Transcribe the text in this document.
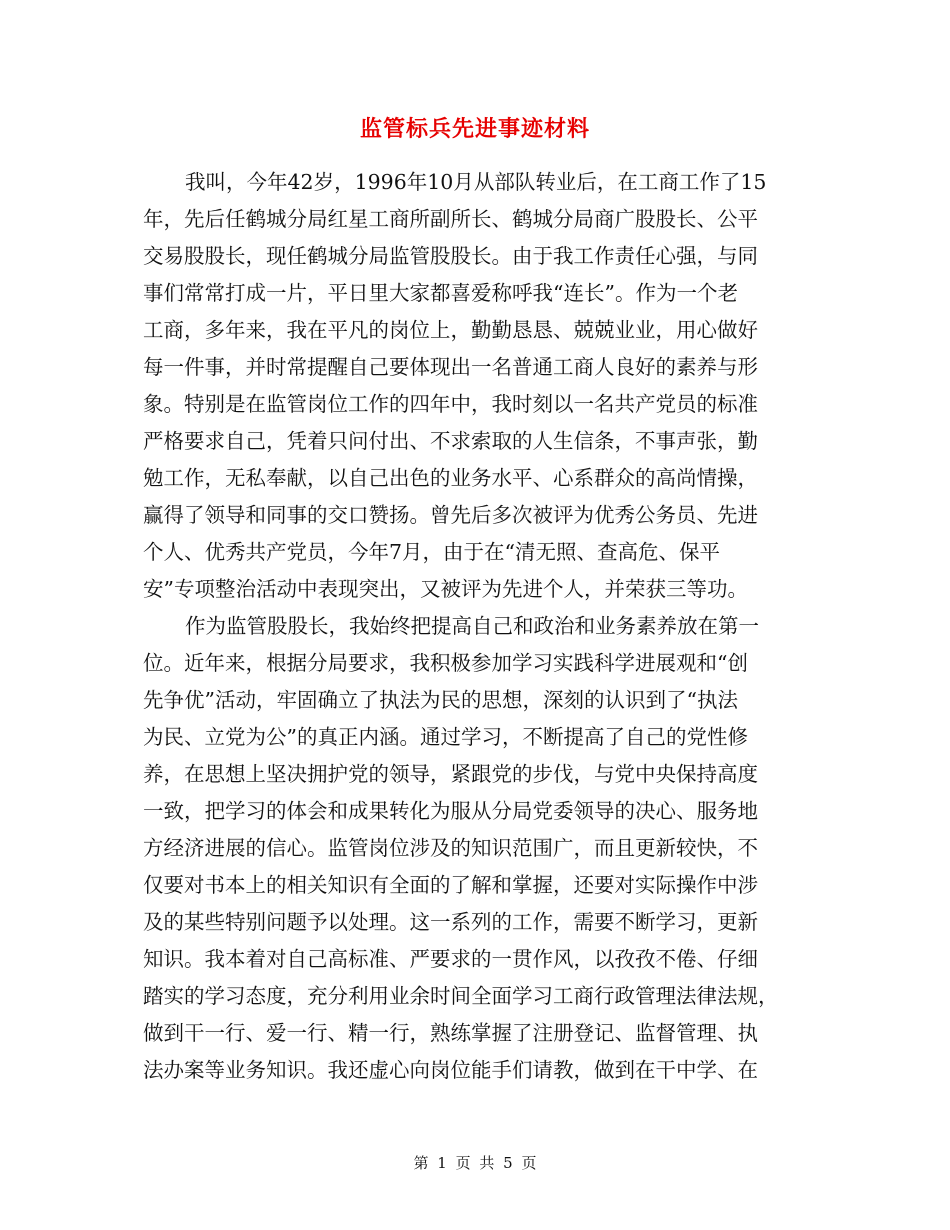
监管标兵先进事迹材料
我叫，今年42岁，1996年10月从部队转业后，在工商工作了15
年，先后任鹤城分局红星工商所副所长、鹤城分局商广股股长、公平
交易股股长，现任鹤城分局监管股股长。由于我工作责任心强，与同
事们常常打成一片，平日里大家都喜爱称呼我“连长”。作为一个老
工商，多年来，我在平凡的岗位上，勤勤恳恳、兢兢业业，用心做好
每一件事，并时常提醒自己要体现出一名普通工商人良好的素养与形
象。特别是在监管岗位工作的四年中，我时刻以一名共产党员的标准
严格要求自己，凭着只问付出、不求索取的人生信条，不事声张，勤
勉工作，无私奉献，以自己出色的业务水平、心系群众的高尚情操，
赢得了领导和同事的交口赞扬。曾先后多次被评为优秀公务员、先进
个人、优秀共产党员，今年7月，由于在“清无照、查高危、保平
安”专项整治活动中表现突出，又被评为先进个人，并荣获三等功。
作为监管股股长，我始终把提高自己和政治和业务素养放在第一
位。近年来，根据分局要求，我积极参加学习实践科学进展观和“创
先争优”活动，牢固确立了执法为民的思想，深刻的认识到了“执法
为民、立党为公”的真正内涵。通过学习，不断提高了自己的党性修
养，在思想上坚决拥护党的领导，紧跟党的步伐，与党中央保持高度
一致，把学习的体会和成果转化为服从分局党委领导的决心、服务地
方经济进展的信心。监管岗位涉及的知识范围广，而且更新较快，不
仅要对书本上的相关知识有全面的了解和掌握，还要对实际操作中涉
及的某些特别问题予以处理。这一系列的工作，需要不断学习，更新
知识。我本着对自己高标准、严要求的一贯作风，以孜孜不倦、仔细
踏实的学习态度，充分利用业余时间全面学习工商行政管理法律法规，
做到干一行、爱一行、精一行，熟练掌握了注册登记、监督管理、执
法办案等业务知识。我还虚心向岗位能手们请教，做到在干中学、在
第 1 页 共 5 页
